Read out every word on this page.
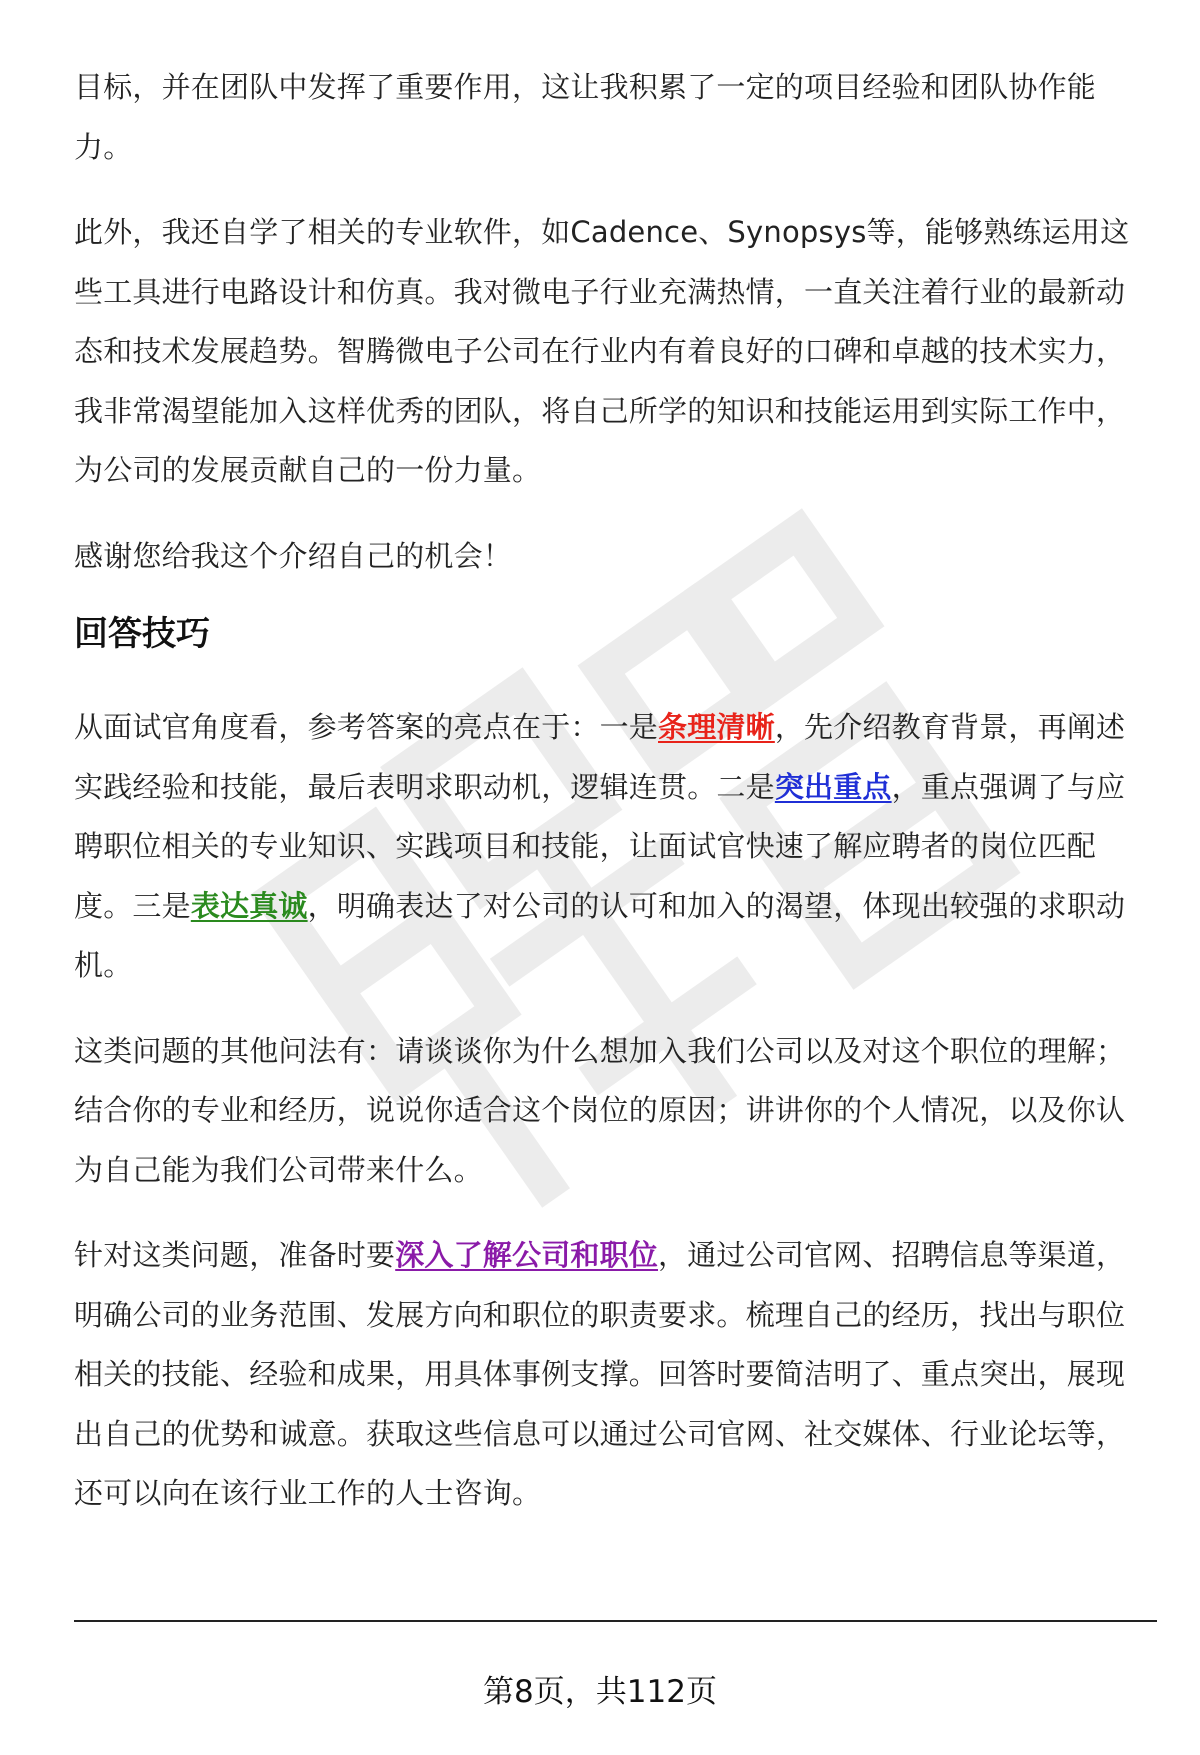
目标，并在团队中发挥了重要作用，这让我积累了一定的项目经验和团队协作能力。

此外，我还自学了相关的专业软件，如Cadence、Synopsys等，能够熟练运用这些工具进行电路设计和仿真。我对微电子行业充满热情，一直关注着行业的最新动态和技术发展趋势。智腾微电子公司在行业内有着良好的口碑和卓越的技术实力，我非常渴望能加入这样优秀的团队，将自己所学的知识和技能运用到实际工作中，为公司的发展贡献自己的一份力量。

感谢您给我这个介绍自己的机会！

回答技巧

从面试官角度看，参考答案的亮点在于：一是条理清晰，先介绍教育背景，再阐述实践经验和技能，最后表明求职动机，逻辑连贯。二是突出重点，重点强调了与应聘职位相关的专业知识、实践项目和技能，让面试官快速了解应聘者的岗位匹配度。三是表达真诚，明确表达了对公司的认可和加入的渴望，体现出较强的求职动机。

这类问题的其他问法有：请谈谈你为什么想加入我们公司以及对这个职位的理解；结合你的专业和经历，说说你适合这个岗位的原因；讲讲你的个人情况，以及你认为自己能为我们公司带来什么。

针对这类问题，准备时要深入了解公司和职位，通过公司官网、招聘信息等渠道，明确公司的业务范围、发展方向和职位的职责要求。梳理自己的经历，找出与职位相关的技能、经验和成果，用具体事例支撑。回答时要简洁明了、重点突出，展现出自己的优势和诚意。获取这些信息可以通过公司官网、社交媒体、行业论坛等，还可以向在该行业工作的人士咨询。

第8页，共112页
